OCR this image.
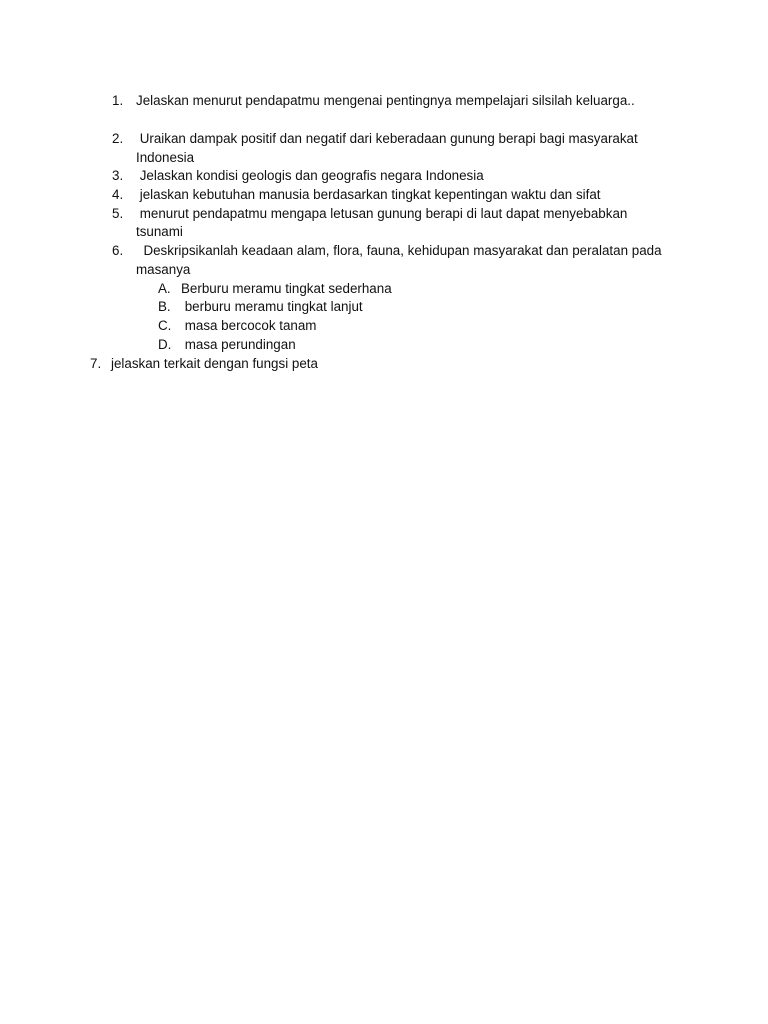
1. Jelaskan menurut pendapatmu mengenai pentingnya mempelajari silsilah keluarga..
2. Uraikan dampak positif dan negatif dari keberadaan gunung berapi bagi masyarakat
Indonesia
3. Jelaskan kondisi geologis dan geografis negara Indonesia
4. jelaskan kebutuhan manusia berdasarkan tingkat kepentingan waktu dan sifat
5. menurut pendapatmu mengapa letusan gunung berapi di laut dapat menyebabkan
tsunami
6. Deskripsikanlah keadaan alam, flora, fauna, kehidupan masyarakat dan peralatan pada
masanya
A. Berburu meramu tingkat sederhana
B. berburu meramu tingkat lanjut
C. masa bercocok tanam
D. masa perundingan
7. jelaskan terkait dengan fungsi peta
